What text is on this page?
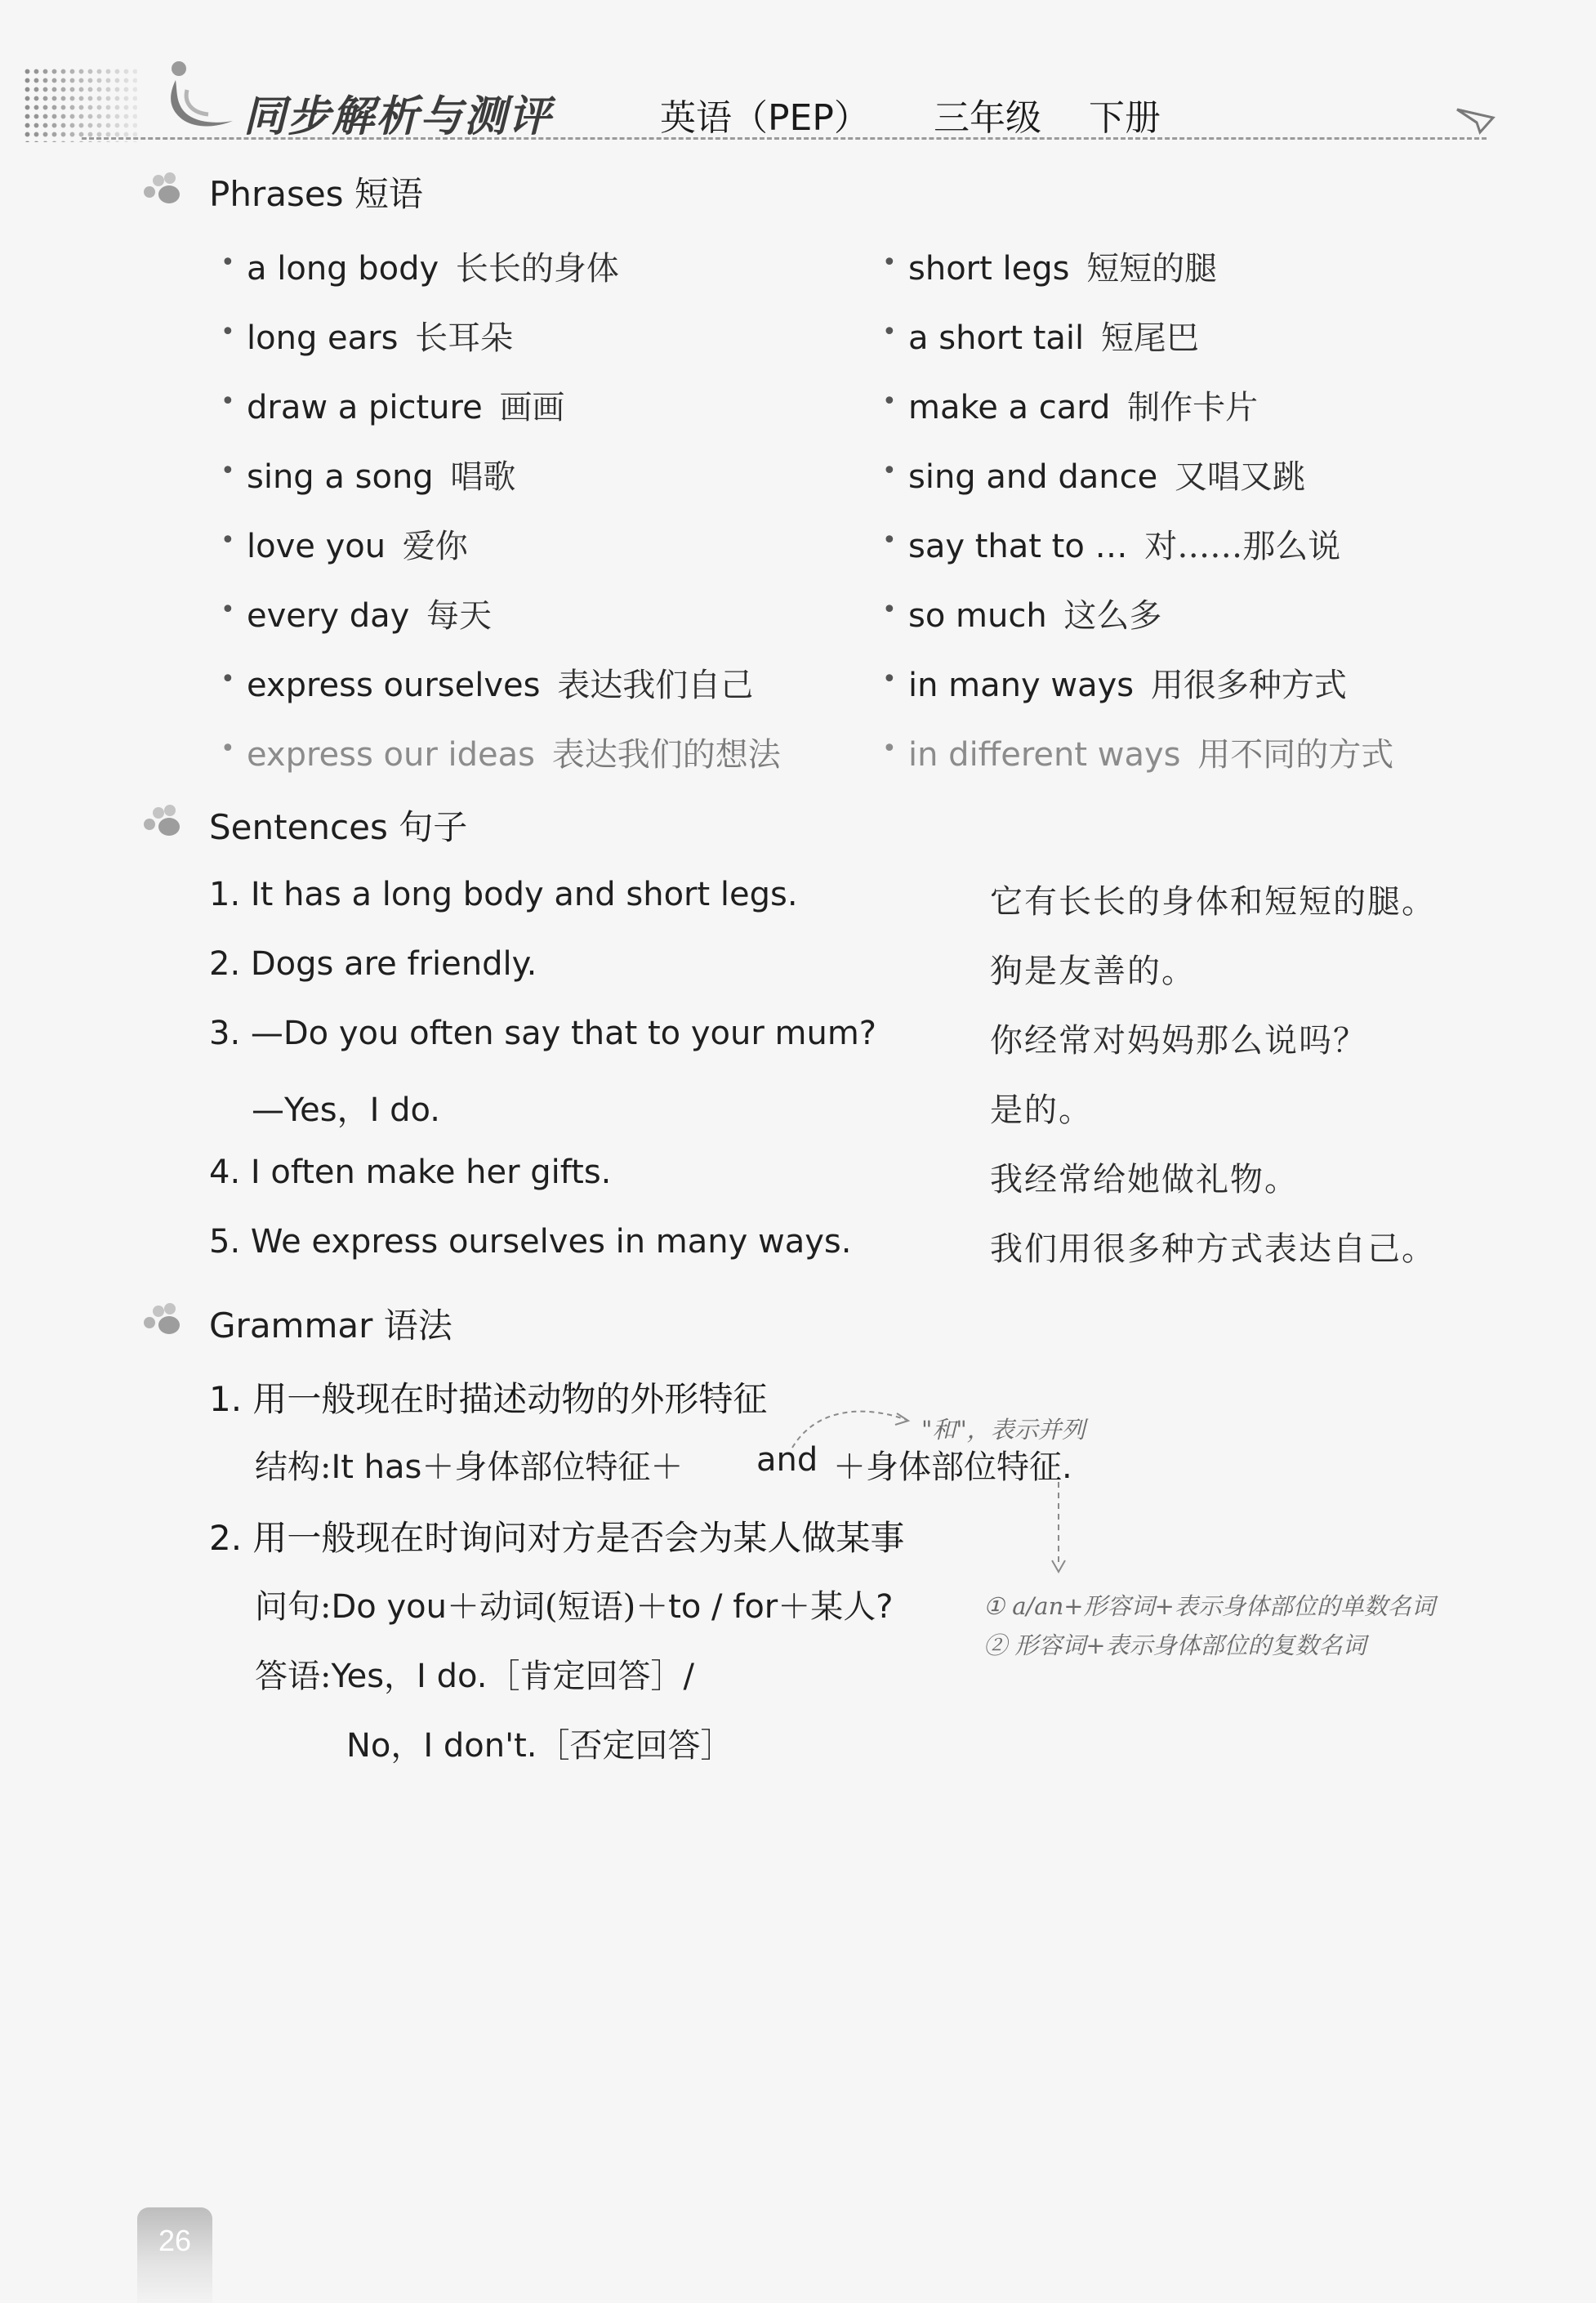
同步解析与测评	英语（PEP） 三年级 下册
Phrases 短语
• a long body 长长的身体
• long ears 长耳朵
• draw a picture 画画
• sing a song 唱歌
• love you 爱你
• every day 每天
• express ourselves 表达我们自己
• express our ideas 表达我们的想法
• short legs 短短的腿
• a short tail 短尾巴
• make a card 制作卡片
• sing and dance 又唱又跳
• say that to … 对……那么说
• so much 这么多
• in many ways 用很多种方式
• in different ways 用不同的方式
Sentences 句子
1. It has a long body and short legs.	它有长长的身体和短短的腿。
2. Dogs are friendly.	狗是友善的。
3. —Do you often say that to your mum?	你经常对妈妈那么说吗？
—Yes，I do.	是的。
4. I often make her gifts.	我经常给她做礼物。
5. We express ourselves in many ways.	我们用很多种方式表达自己。
Grammar 语法
1. 用一般现在时描述动物的外形特征
结构:It has＋身体部位特征＋ and ＋身体部位特征.
"和"，表示并列
2. 用一般现在时询问对方是否会为某人做某事
问句:Do you＋动词(短语)＋to / for＋某人?	① a/an+形容词+表示身体部位的单数名词
② 形容词+表示身体部位的复数名词
答语:Yes，I do.［肯定回答］/
No，I don't.［否定回答］
26
